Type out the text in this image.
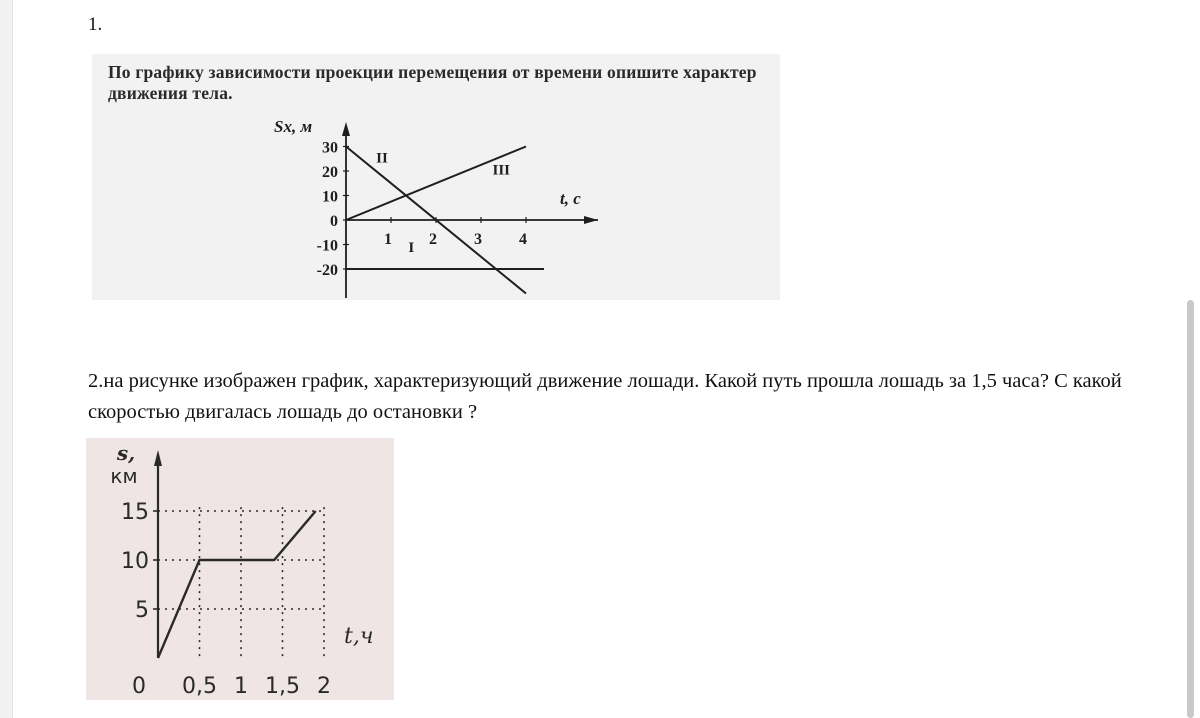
1.
По графику зависимости проекции перемещения от времени опишите характер движения тела.
Sx, м
t, c
30
20
10
0
-10
-20
1 2 3 4
II
III
I
2.на рисунке изображен график, характеризующий движение лошади. Какой путь прошла лошадь за 1,5 часа? С какой скоростью двигалась лошадь до остановки ?
15
10
5
0 0,5 1 1,5 2
s,
км
t,ч
